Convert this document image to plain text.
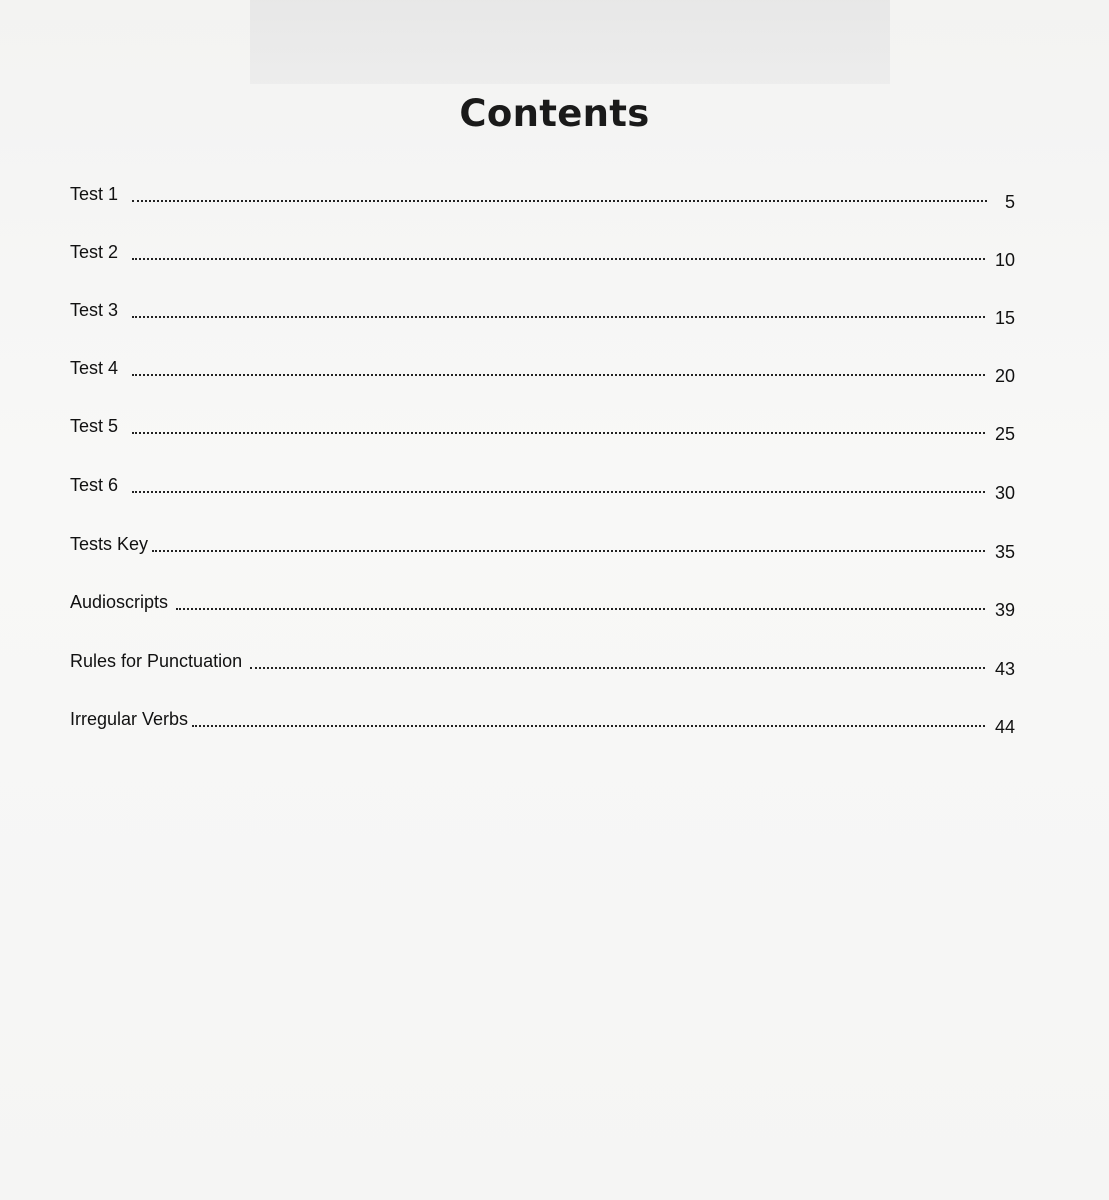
Contents
Test 1	5
Test 2	10
Test 3	15
Test 4	20
Test 5	25
Test 6	30
Tests Key	35
Audioscripts	39
Rules for Punctuation	43
Irregular Verbs	44
